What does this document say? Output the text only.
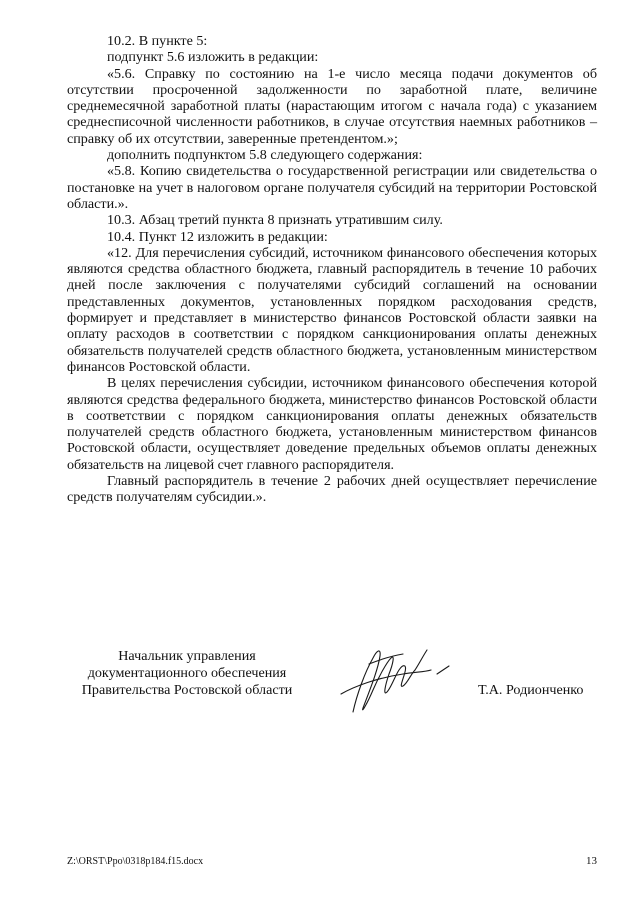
10.2. В пункте 5:

подпункт 5.6 изложить в редакции:

«5.6. Справку по состоянию на 1-е число месяца подачи документов об отсутствии просроченной задолженности по заработной плате, величине среднемесячной заработной платы (нарастающим итогом с начала года) с указанием среднесписочной численности работников, в случае отсутствия наемных работников – справку об их отсутствии, заверенные претендентом.»;

дополнить подпунктом 5.8 следующего содержания:

«5.8. Копию свидетельства о государственной регистрации или свидетельства о постановке на учет в налоговом органе получателя субсидий на территории Ростовской области.».

10.3. Абзац третий пункта 8 признать утратившим силу.

10.4. Пункт 12 изложить в редакции:

«12. Для перечисления субсидий, источником финансового обеспечения которых являются средства областного бюджета, главный распорядитель в течение 10 рабочих дней после заключения с получателями субсидий соглашений на основании представленных документов, установленных порядком расходования средств, формирует и представляет в министерство финансов Ростовской области заявки на оплату расходов в соответствии с порядком санкционирования оплаты денежных обязательств получателей средств областного бюджета, установленным министерством финансов Ростовской области.

В целях перечисления субсидии, источником финансового обеспечения которой являются средства федерального бюджета, министерство финансов Ростовской области в соответствии с порядком санкционирования оплаты денежных обязательств получателей средств областного бюджета, установленным министерством финансов Ростовской области, осуществляет доведение предельных объемов оплаты денежных обязательств на лицевой счет главного распорядителя.

Главный распорядитель в течение 2 рабочих дней осуществляет перечисление средств получателям субсидии.».

Начальник управления
документационного обеспечения
Правительства Ростовской области	Т.А. Родионченко
Z:\ORST\Ppo\0318p184.f15.docx	13
